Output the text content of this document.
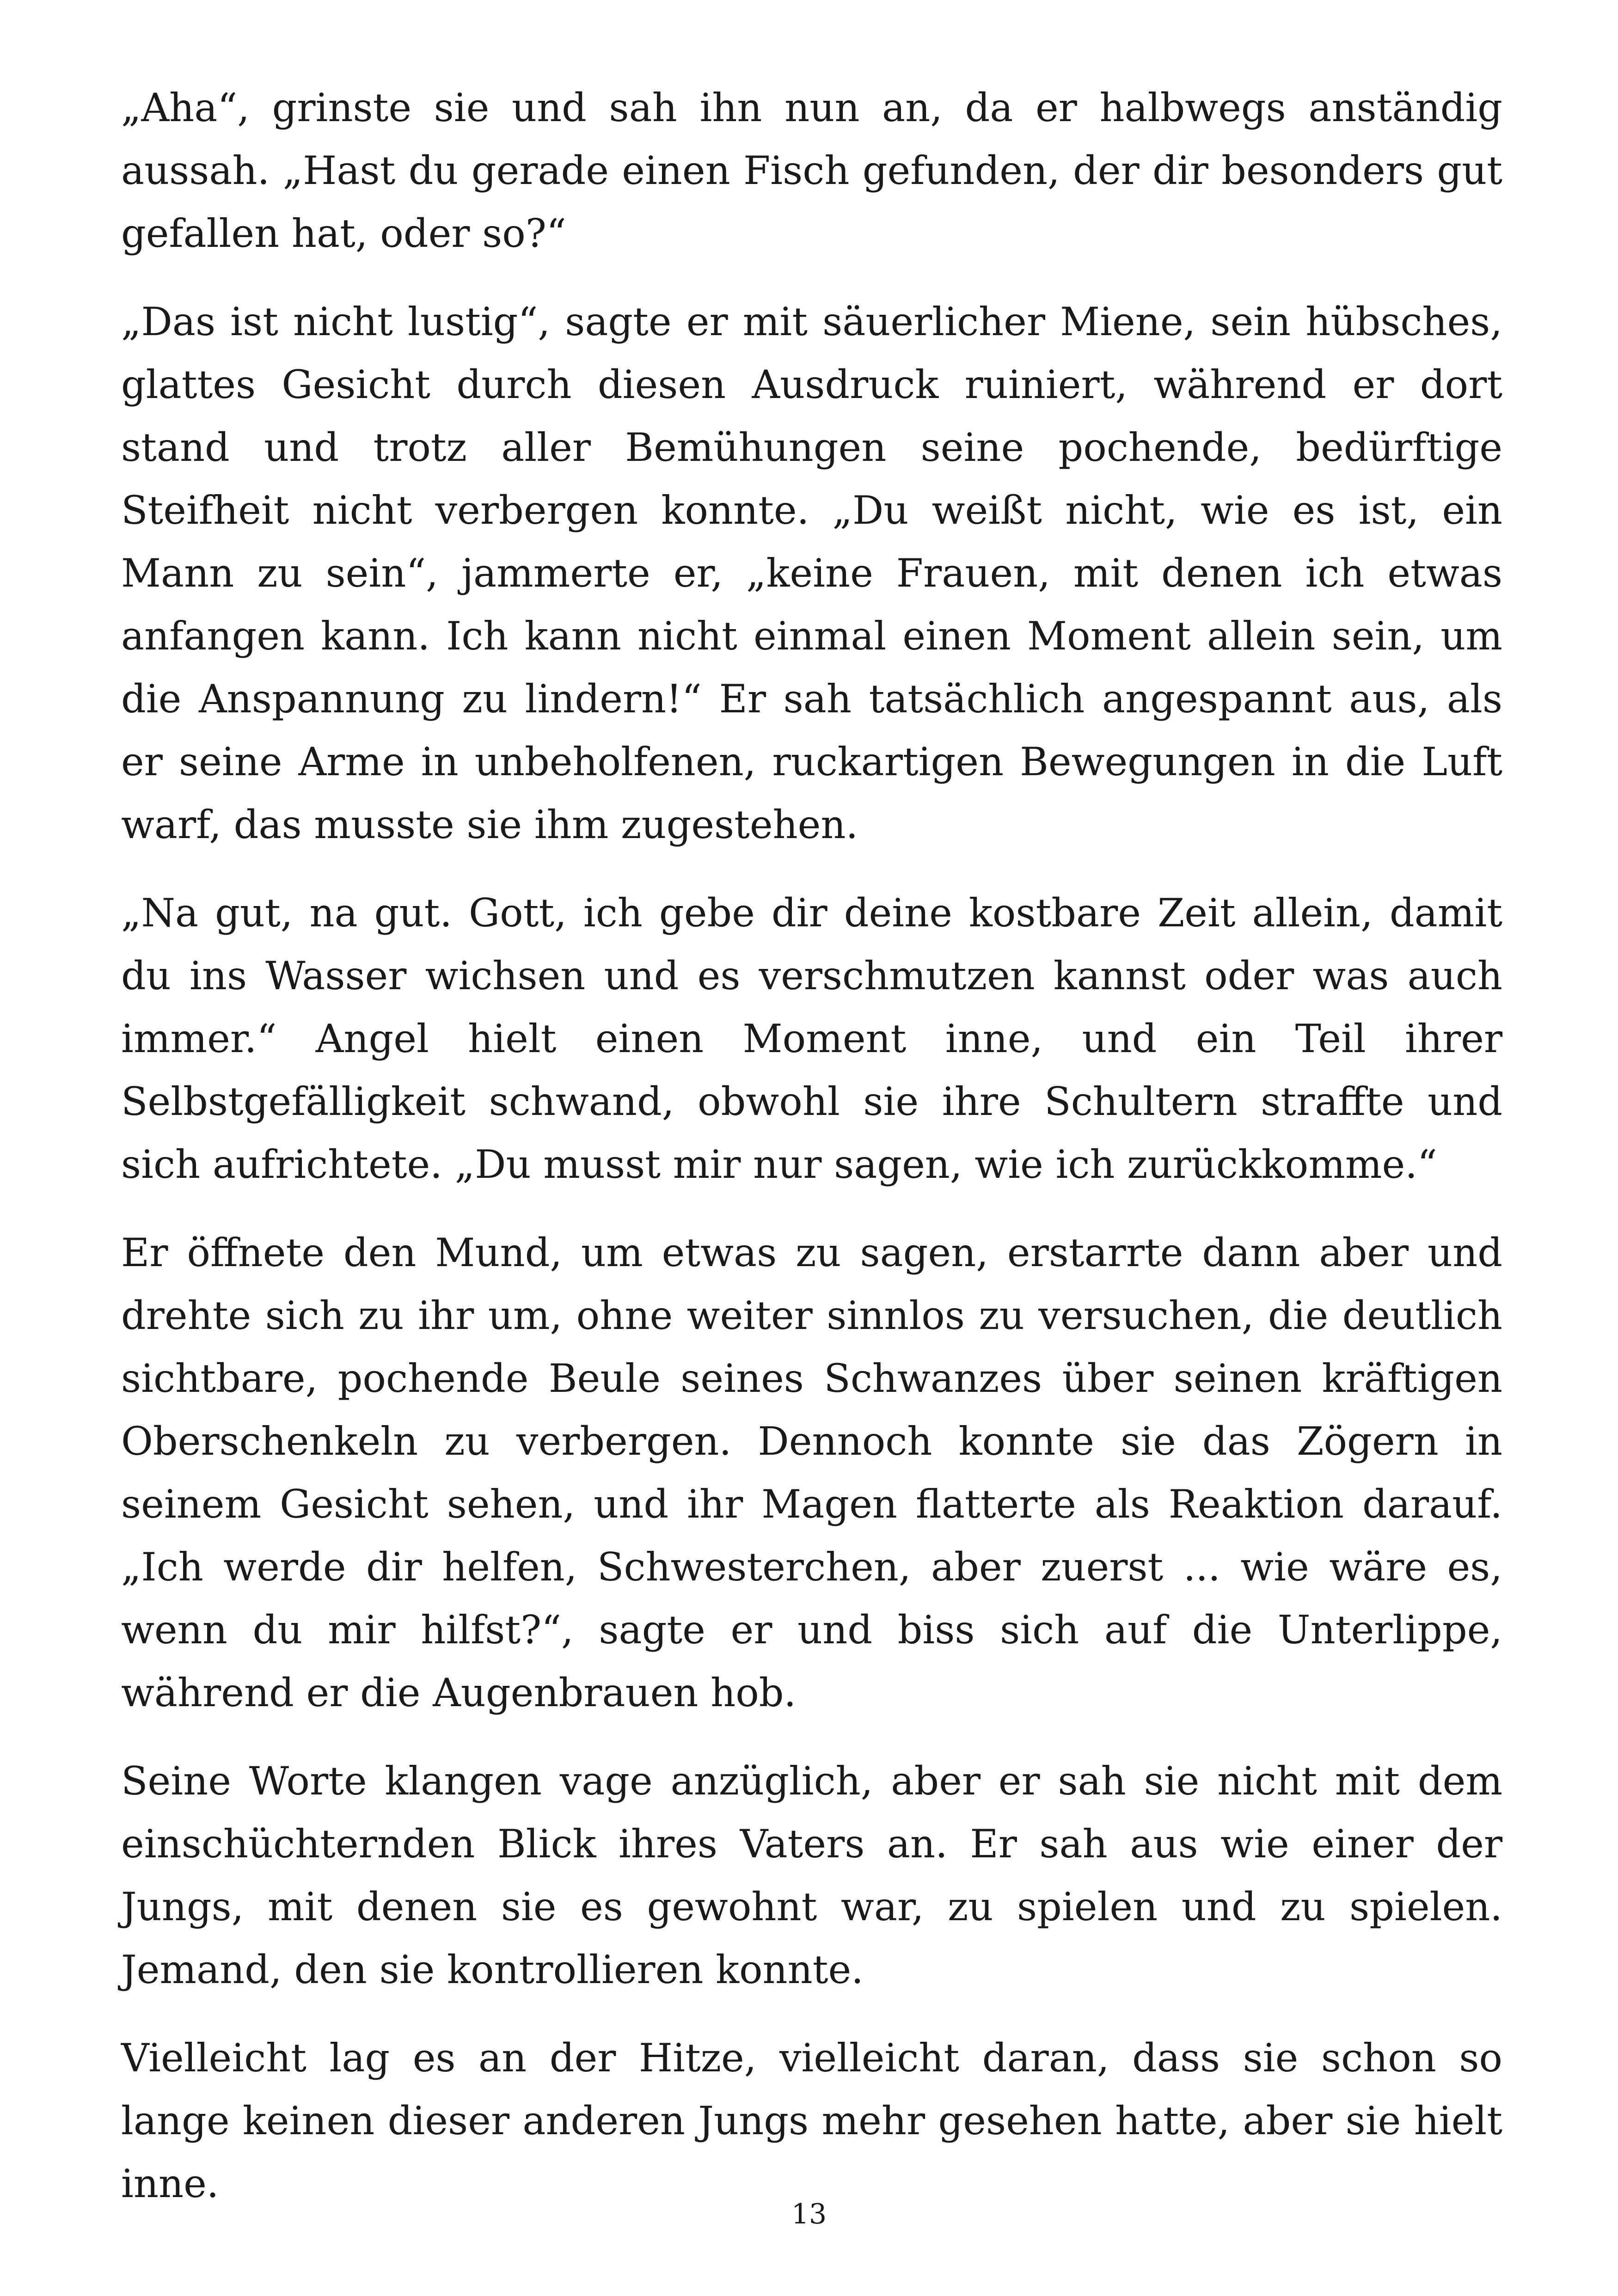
„Aha“, grinste sie und sah ihn nun an, da er halbwegs anständig aussah. „Hast du gerade einen Fisch gefunden, der dir besonders gut gefallen hat, oder so?“

„Das ist nicht lustig“, sagte er mit säuerlicher Miene, sein hübsches, glattes Gesicht durch diesen Ausdruck ruiniert, während er dort stand und trotz aller Bemühungen seine pochende, bedürftige Steifheit nicht verbergen konnte. „Du weißt nicht, wie es ist, ein Mann zu sein“, jammerte er, „keine Frauen, mit denen ich etwas anfangen kann. Ich kann nicht einmal einen Moment allein sein, um die Anspannung zu lindern!“ Er sah tatsächlich angespannt aus, als er seine Arme in unbeholfenen, ruckartigen Bewegungen in die Luft warf, das musste sie ihm zugestehen.

„Na gut, na gut. Gott, ich gebe dir deine kostbare Zeit allein, damit du ins Wasser wichsen und es verschmutzen kannst oder was auch immer.“ Angel hielt einen Moment inne, und ein Teil ihrer Selbstgefälligkeit schwand, obwohl sie ihre Schultern straffte und sich aufrichtete. „Du musst mir nur sagen, wie ich zurückkomme.“

Er öffnete den Mund, um etwas zu sagen, erstarrte dann aber und drehte sich zu ihr um, ohne weiter sinnlos zu versuchen, die deutlich sichtbare, pochende Beule seines Schwanzes über seinen kräftigen Oberschenkeln zu verbergen. Dennoch konnte sie das Zögern in seinem Gesicht sehen, und ihr Magen flatterte als Reaktion darauf. „Ich werde dir helfen, Schwesterchen, aber zuerst ... wie wäre es, wenn du mir hilfst?“, sagte er und biss sich auf die Unterlippe, während er die Augenbrauen hob.

Seine Worte klangen vage anzüglich, aber er sah sie nicht mit dem einschüchternden Blick ihres Vaters an. Er sah aus wie einer der Jungs, mit denen sie es gewohnt war, zu spielen und zu spielen. Jemand, den sie kontrollieren konnte.

Vielleicht lag es an der Hitze, vielleicht daran, dass sie schon so lange keinen dieser anderen Jungs mehr gesehen hatte, aber sie hielt inne.

13
